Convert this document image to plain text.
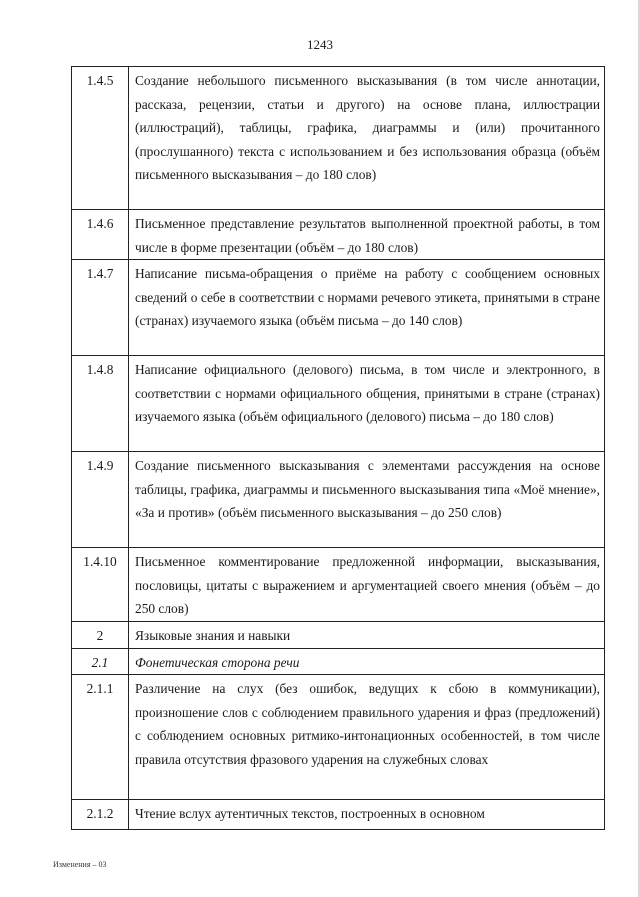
1243
1.4.5	Создание небольшого письменного высказывания (в том числе аннотации, рассказа, рецензии, статьи и другого) на основе плана, иллюстрации (иллюстраций), таблицы, графика, диаграммы и (или) прочитанного (прослушанного) текста с использованием и без использования образца (объём письменного высказывания – до 180 слов)
1.4.6	Письменное представление результатов выполненной проектной работы, в том числе в форме презентации (объём – до 180 слов)
1.4.7	Написание письма-обращения о приёме на работу с сообщением основных сведений о себе в соответствии с нормами речевого этикета, принятыми в стране (странах) изучаемого языка (объём письма – до 140 слов)
1.4.8	Написание официального (делового) письма, в том числе и электронного, в соответствии с нормами официального общения, принятыми в стране (странах) изучаемого языка (объём официального (делового) письма – до 180 слов)
1.4.9	Создание письменного высказывания с элементами рассуждения на основе таблицы, графика, диаграммы и письменного высказывания типа «Моё мнение», «За и против» (объём письменного высказывания – до 250 слов)
1.4.10	Письменное комментирование предложенной информации, высказывания, пословицы, цитаты с выражением и аргументацией своего мнения (объём – до 250 слов)
2	Языковые знания и навыки
2.1	Фонетическая сторона речи
2.1.1	Различение на слух (без ошибок, ведущих к сбою в коммуникации), произношение слов с соблюдением правильного ударения и фраз (предложений) с соблюдением основных ритмико-интонационных особенностей, в том числе правила отсутствия фразового ударения на служебных словах
2.1.2	Чтение вслух аутентичных текстов, построенных в основном
Изменения – 03
